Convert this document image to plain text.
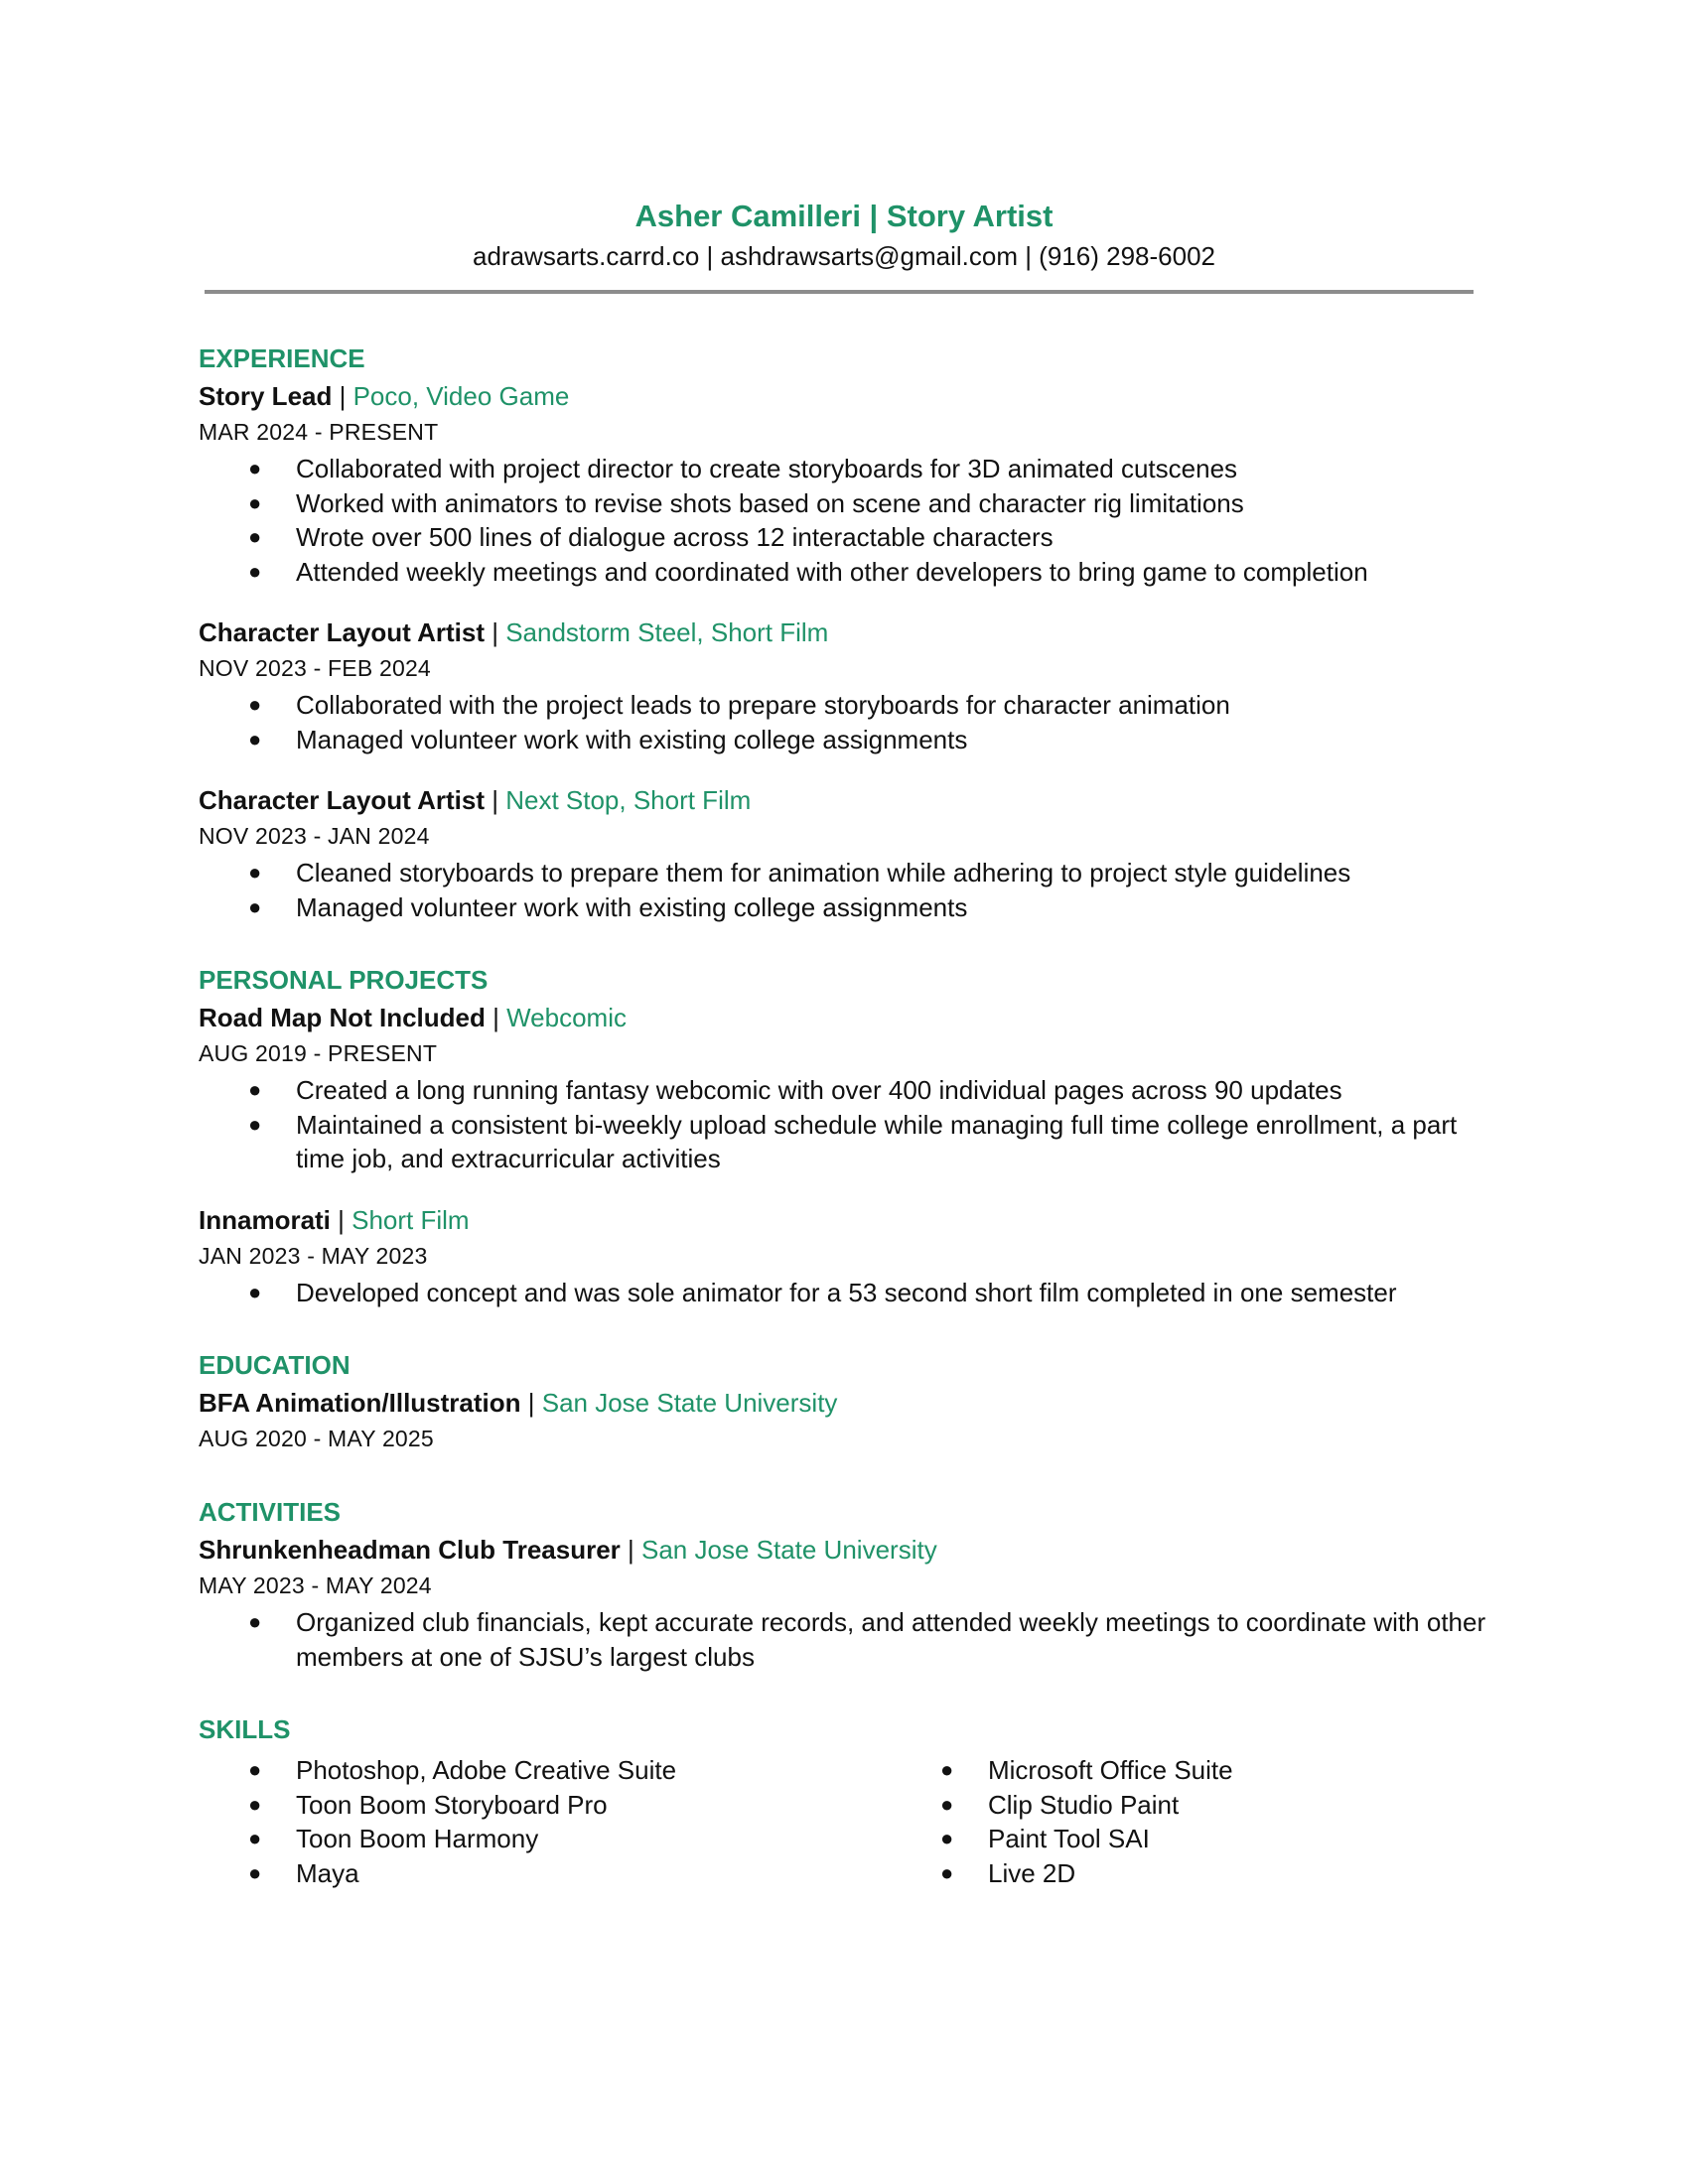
Asher Camilleri | Story Artist
adrawsarts.carrd.co | ashdrawsarts@gmail.com | (916) 298-6002
EXPERIENCE
Story Lead | Poco, Video Game
MAR 2024 - PRESENT
● Collaborated with project director to create storyboards for 3D animated cutscenes
● Worked with animators to revise shots based on scene and character rig limitations
● Wrote over 500 lines of dialogue across 12 interactable characters
● Attended weekly meetings and coordinated with other developers to bring game to completion
Character Layout Artist | Sandstorm Steel, Short Film
NOV 2023 - FEB 2024
● Collaborated with the project leads to prepare storyboards for character animation
● Managed volunteer work with existing college assignments
Character Layout Artist | Next Stop, Short Film
NOV 2023 - JAN 2024
● Cleaned storyboards to prepare them for animation while adhering to project style guidelines
● Managed volunteer work with existing college assignments
PERSONAL PROJECTS
Road Map Not Included | Webcomic
AUG 2019 - PRESENT
● Created a long running fantasy webcomic with over 400 individual pages across 90 updates
● Maintained a consistent bi-weekly upload schedule while managing full time college enrollment, a part time job, and extracurricular activities
Innamorati | Short Film
JAN 2023 - MAY 2023
● Developed concept and was sole animator for a 53 second short film completed in one semester
EDUCATION
BFA Animation/Illustration | San Jose State University
AUG 2020 - MAY 2025
ACTIVITIES
Shrunkenheadman Club Treasurer | San Jose State University
MAY 2023 - MAY 2024
● Organized club financials, kept accurate records, and attended weekly meetings to coordinate with other members at one of SJSU’s largest clubs
SKILLS
● Photoshop, Adobe Creative Suite
● Toon Boom Storyboard Pro
● Toon Boom Harmony
● Maya
● Microsoft Office Suite
● Clip Studio Paint
● Paint Tool SAI
● Live 2D
